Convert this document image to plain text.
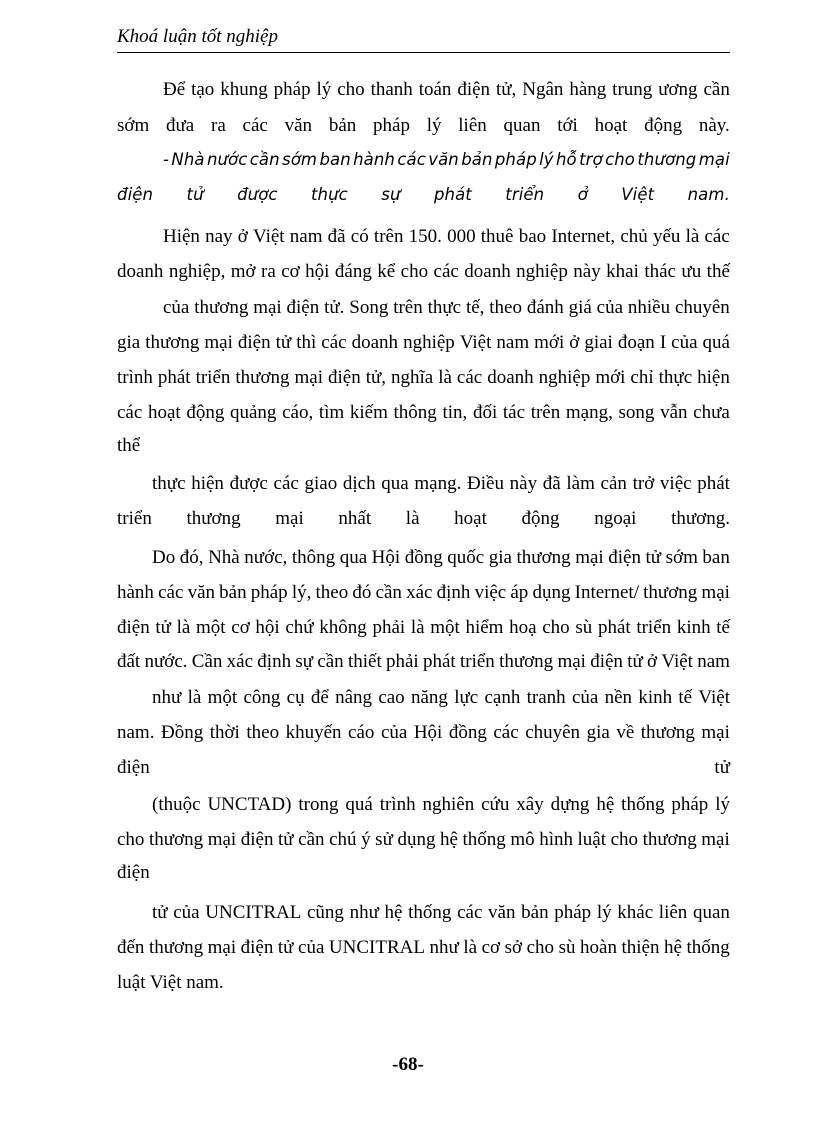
Khoá luận tốt nghiệp
Để tạo khung pháp lý cho thanh toán điện tử, Ngân hàng trung ương cần
sớm đưa ra các văn bản pháp lý liên quan tới hoạt động này.
- Nhà nước cần sớm ban hành các văn bản pháp lý hỗ trợ cho thương mại
điện tử được thực sự phát triển ở Việt nam.
Hiện nay ở Việt nam đã có trên 150. 000 thuê bao Internet, chủ yếu là các
doanh nghiệp, mở ra cơ hội đáng kể cho các doanh nghiệp này khai thác ưu thế
của thương mại điện tử. Song trên thực tế, theo đánh giá của nhiều chuyên
gia thương mại điện tử thì các doanh nghiệp Việt nam mới ở giai đoạn I của quá
trình phát triển thương mại điện tử, nghĩa là các doanh nghiệp mới chỉ thực hiện
các hoạt động quảng cáo, tìm kiếm thông tin, đối tác trên mạng, song vẫn chưa
thể
thực hiện được các giao dịch qua mạng. Điều này đã làm cản trở việc phát
triển thương mại nhất là hoạt động ngoại thương.
Do đó, Nhà nước, thông qua Hội đồng quốc gia thương mại điện tử sớm ban
hành các văn bản pháp lý, theo đó cần xác định việc áp dụng Internet/ thương mại
điện tử là một cơ hội chứ không phải là một hiểm hoạ cho sù phát triển kinh tế
đất nước. Cần xác định sự cần thiết phải phát triển thương mại điện tử ở Việt nam
như là một công cụ để nâng cao năng lực cạnh tranh của nền kinh tế Việt
nam. Đồng thời theo khuyến cáo của Hội đồng các chuyên gia về thương mại
điện	tử
(thuộc UNCTAD) trong quá trình nghiên cứu xây dựng hệ thống pháp lý
cho thương mại điện tử cần chú ý sử dụng hệ thống mô hình luật cho thương mại
điện
tử của UNCITRAL cũng như hệ thống các văn bản pháp lý khác liên quan
đến thương mại điện tử của UNCITRAL như là cơ sở cho sù hoàn thiện hệ thống
luật Việt nam.
-68-
